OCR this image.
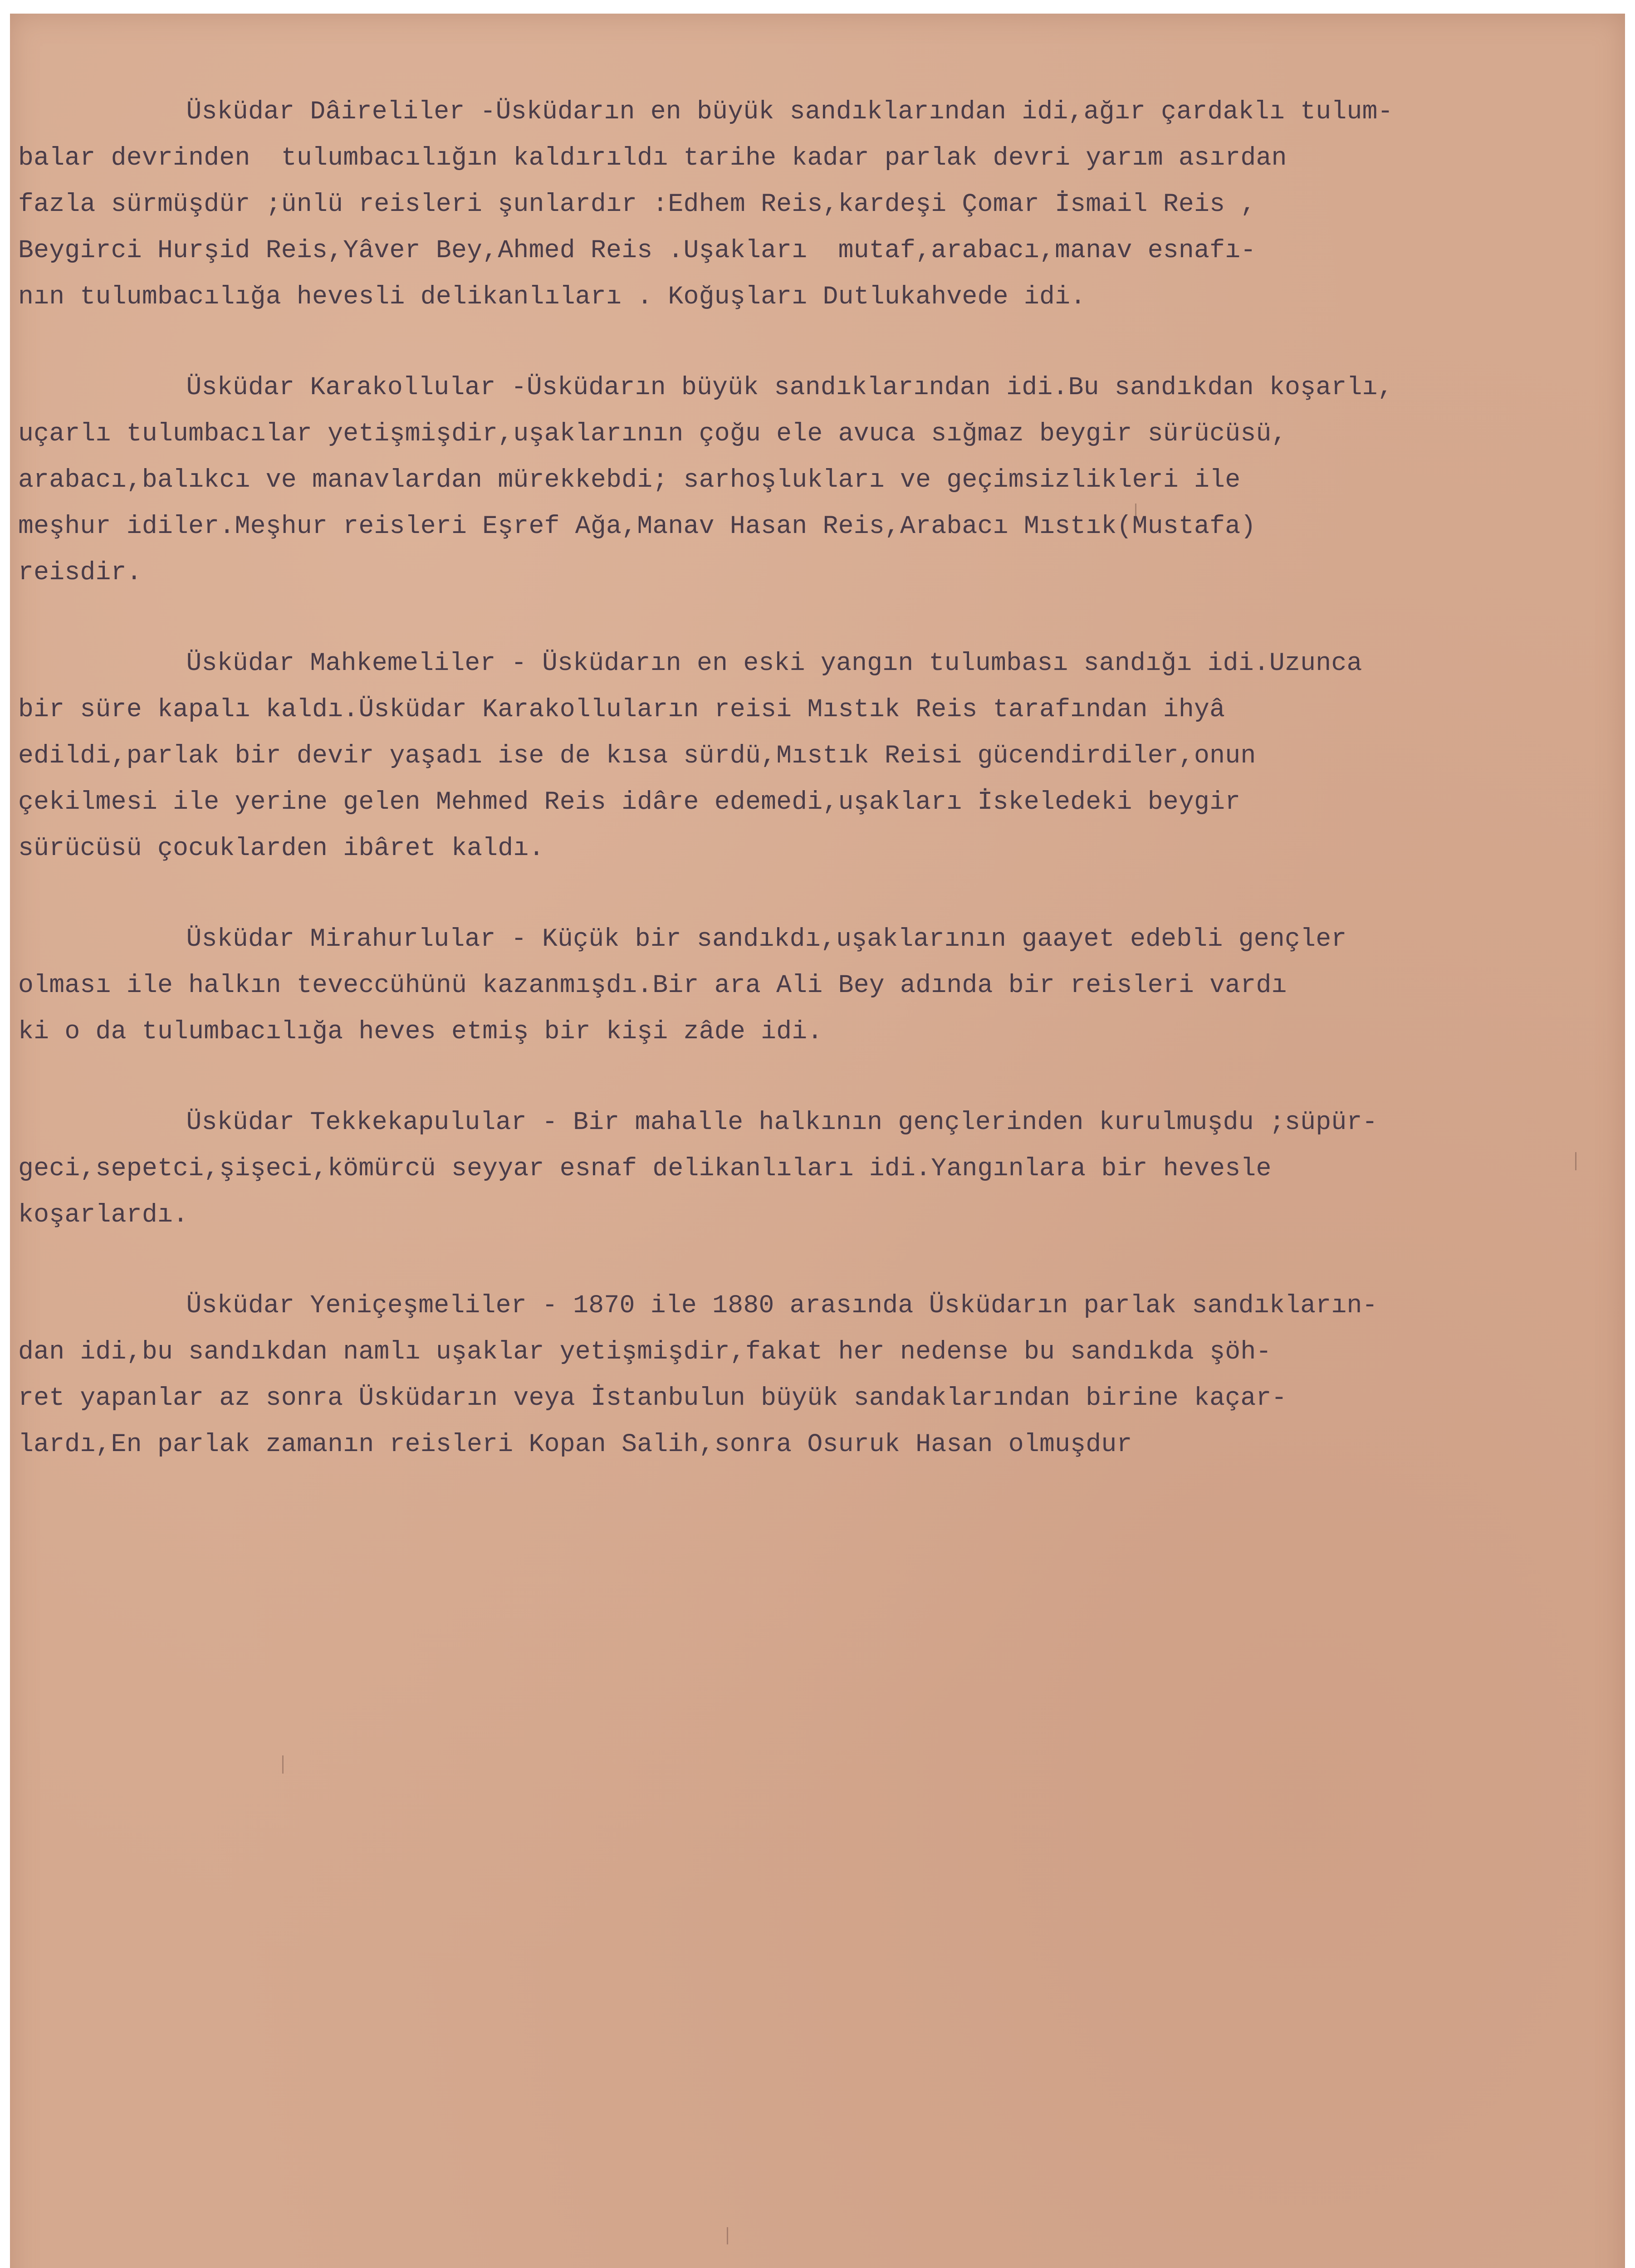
Üsküdar Dâireliler -Üsküdarın en büyük sandıklarından idi,ağır çardaklı tulum-
balar devrinden  tulumbacılığın kaldırıldı tarihe kadar parlak devri yarım asırdan
fazla sürmüşdür ;ünlü reisleri şunlardır :Edhem Reis,kardeşi Çomar İsmail Reis ,
Beygirci Hurşid Reis,Yâver Bey,Ahmed Reis .Uşakları  mutaf,arabacı,manav esnafı-
nın tulumbacılığa hevesli delikanlıları . Koğuşları Dutlukahvede idi.
Üsküdar Karakollular -Üsküdarın büyük sandıklarından idi.Bu sandıkdan koşarlı,
uçarlı tulumbacılar yetişmişdir,uşaklarının çoğu ele avuca sığmaz beygir sürücüsü,
arabacı,balıkcı ve manavlardan mürekkebdi; sarhoşlukları ve geçimsizlikleri ile
meşhur idiler.Meşhur reisleri Eşref Ağa,Manav Hasan Reis,Arabacı Mıstık(Mustafa)
reisdir.
Üsküdar Mahkemeliler - Üsküdarın en eski yangın tulumbası sandığı idi.Uzunca
bir süre kapalı kaldı.Üsküdar Karakolluların reisi Mıstık Reis tarafından ihyâ
edildi,parlak bir devir yaşadı ise de kısa sürdü,Mıstık Reisi gücendirdiler,onun
çekilmesi ile yerine gelen Mehmed Reis idâre edemedi,uşakları İskeledeki beygir
sürücüsü çocuklarden ibâret kaldı.
Üsküdar Mirahurlular - Küçük bir sandıkdı,uşaklarının gaayet edebli gençler
olması ile halkın teveccühünü kazanmışdı.Bir ara Ali Bey adında bir reisleri vardı
ki o da tulumbacılığa heves etmiş bir kişi zâde idi.
Üsküdar Tekkekapulular - Bir mahalle halkının gençlerinden kurulmuşdu ;süpür-
geci,sepetci,şişeci,kömürcü seyyar esnaf delikanlıları idi.Yangınlara bir hevesle
koşarlardı.
Üsküdar Yeniçeşmeliler - 1870 ile 1880 arasında Üsküdarın parlak sandıkların-
dan idi,bu sandıkdan namlı uşaklar yetişmişdir,fakat her nedense bu sandıkda şöh-
ret yapanlar az sonra Üsküdarın veya İstanbulun büyük sandaklarından birine kaçar-
lardı,En parlak zamanın reisleri Kopan Salih,sonra Osuruk Hasan olmuşdur
